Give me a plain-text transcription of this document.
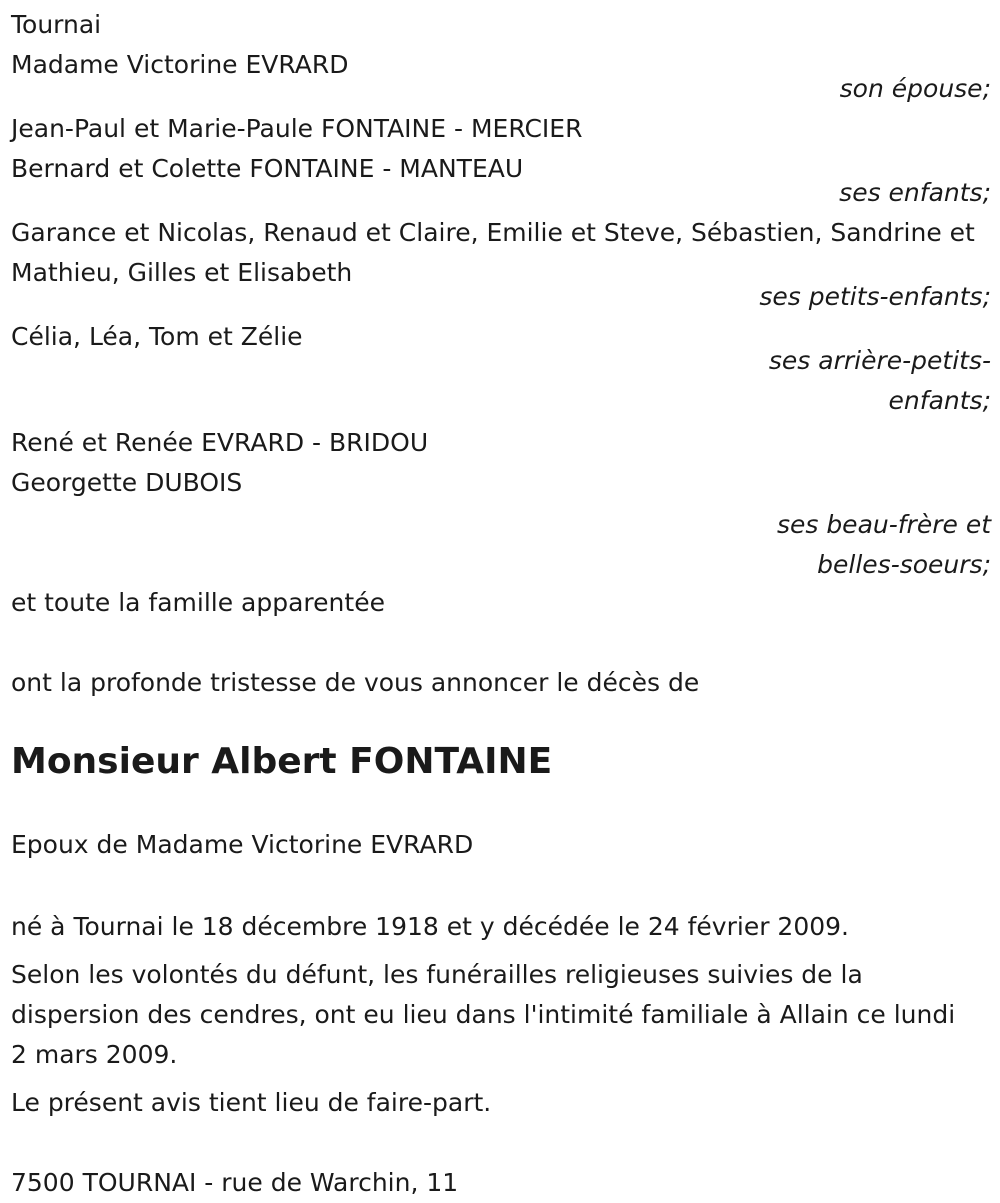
Tournai
Madame Victorine EVRARD
son épouse;
Jean-Paul et Marie-Paule FONTAINE - MERCIER
Bernard et Colette FONTAINE - MANTEAU
ses enfants;
Garance et Nicolas, Renaud et Claire, Emilie et Steve, Sébastien, Sandrine et Mathieu, Gilles et Elisabeth
ses petits-enfants;
Célia, Léa, Tom et Zélie
ses arrière-petits-enfants;
René et Renée EVRARD - BRIDOU
Georgette DUBOIS
ses beau-frère et belles-soeurs;
et toute la famille apparentée
ont la profonde tristesse de vous annoncer le décès de
Monsieur Albert FONTAINE
Epoux de Madame Victorine EVRARD
né à Tournai le 18 décembre 1918 et y décédée le 24 février 2009.
Selon les volontés du défunt, les funérailles religieuses suivies de la dispersion des cendres, ont eu lieu dans l'intimité familiale à Allain ce lundi 2 mars 2009.
Le présent avis tient lieu de faire-part.
7500 TOURNAI - rue de Warchin, 11
